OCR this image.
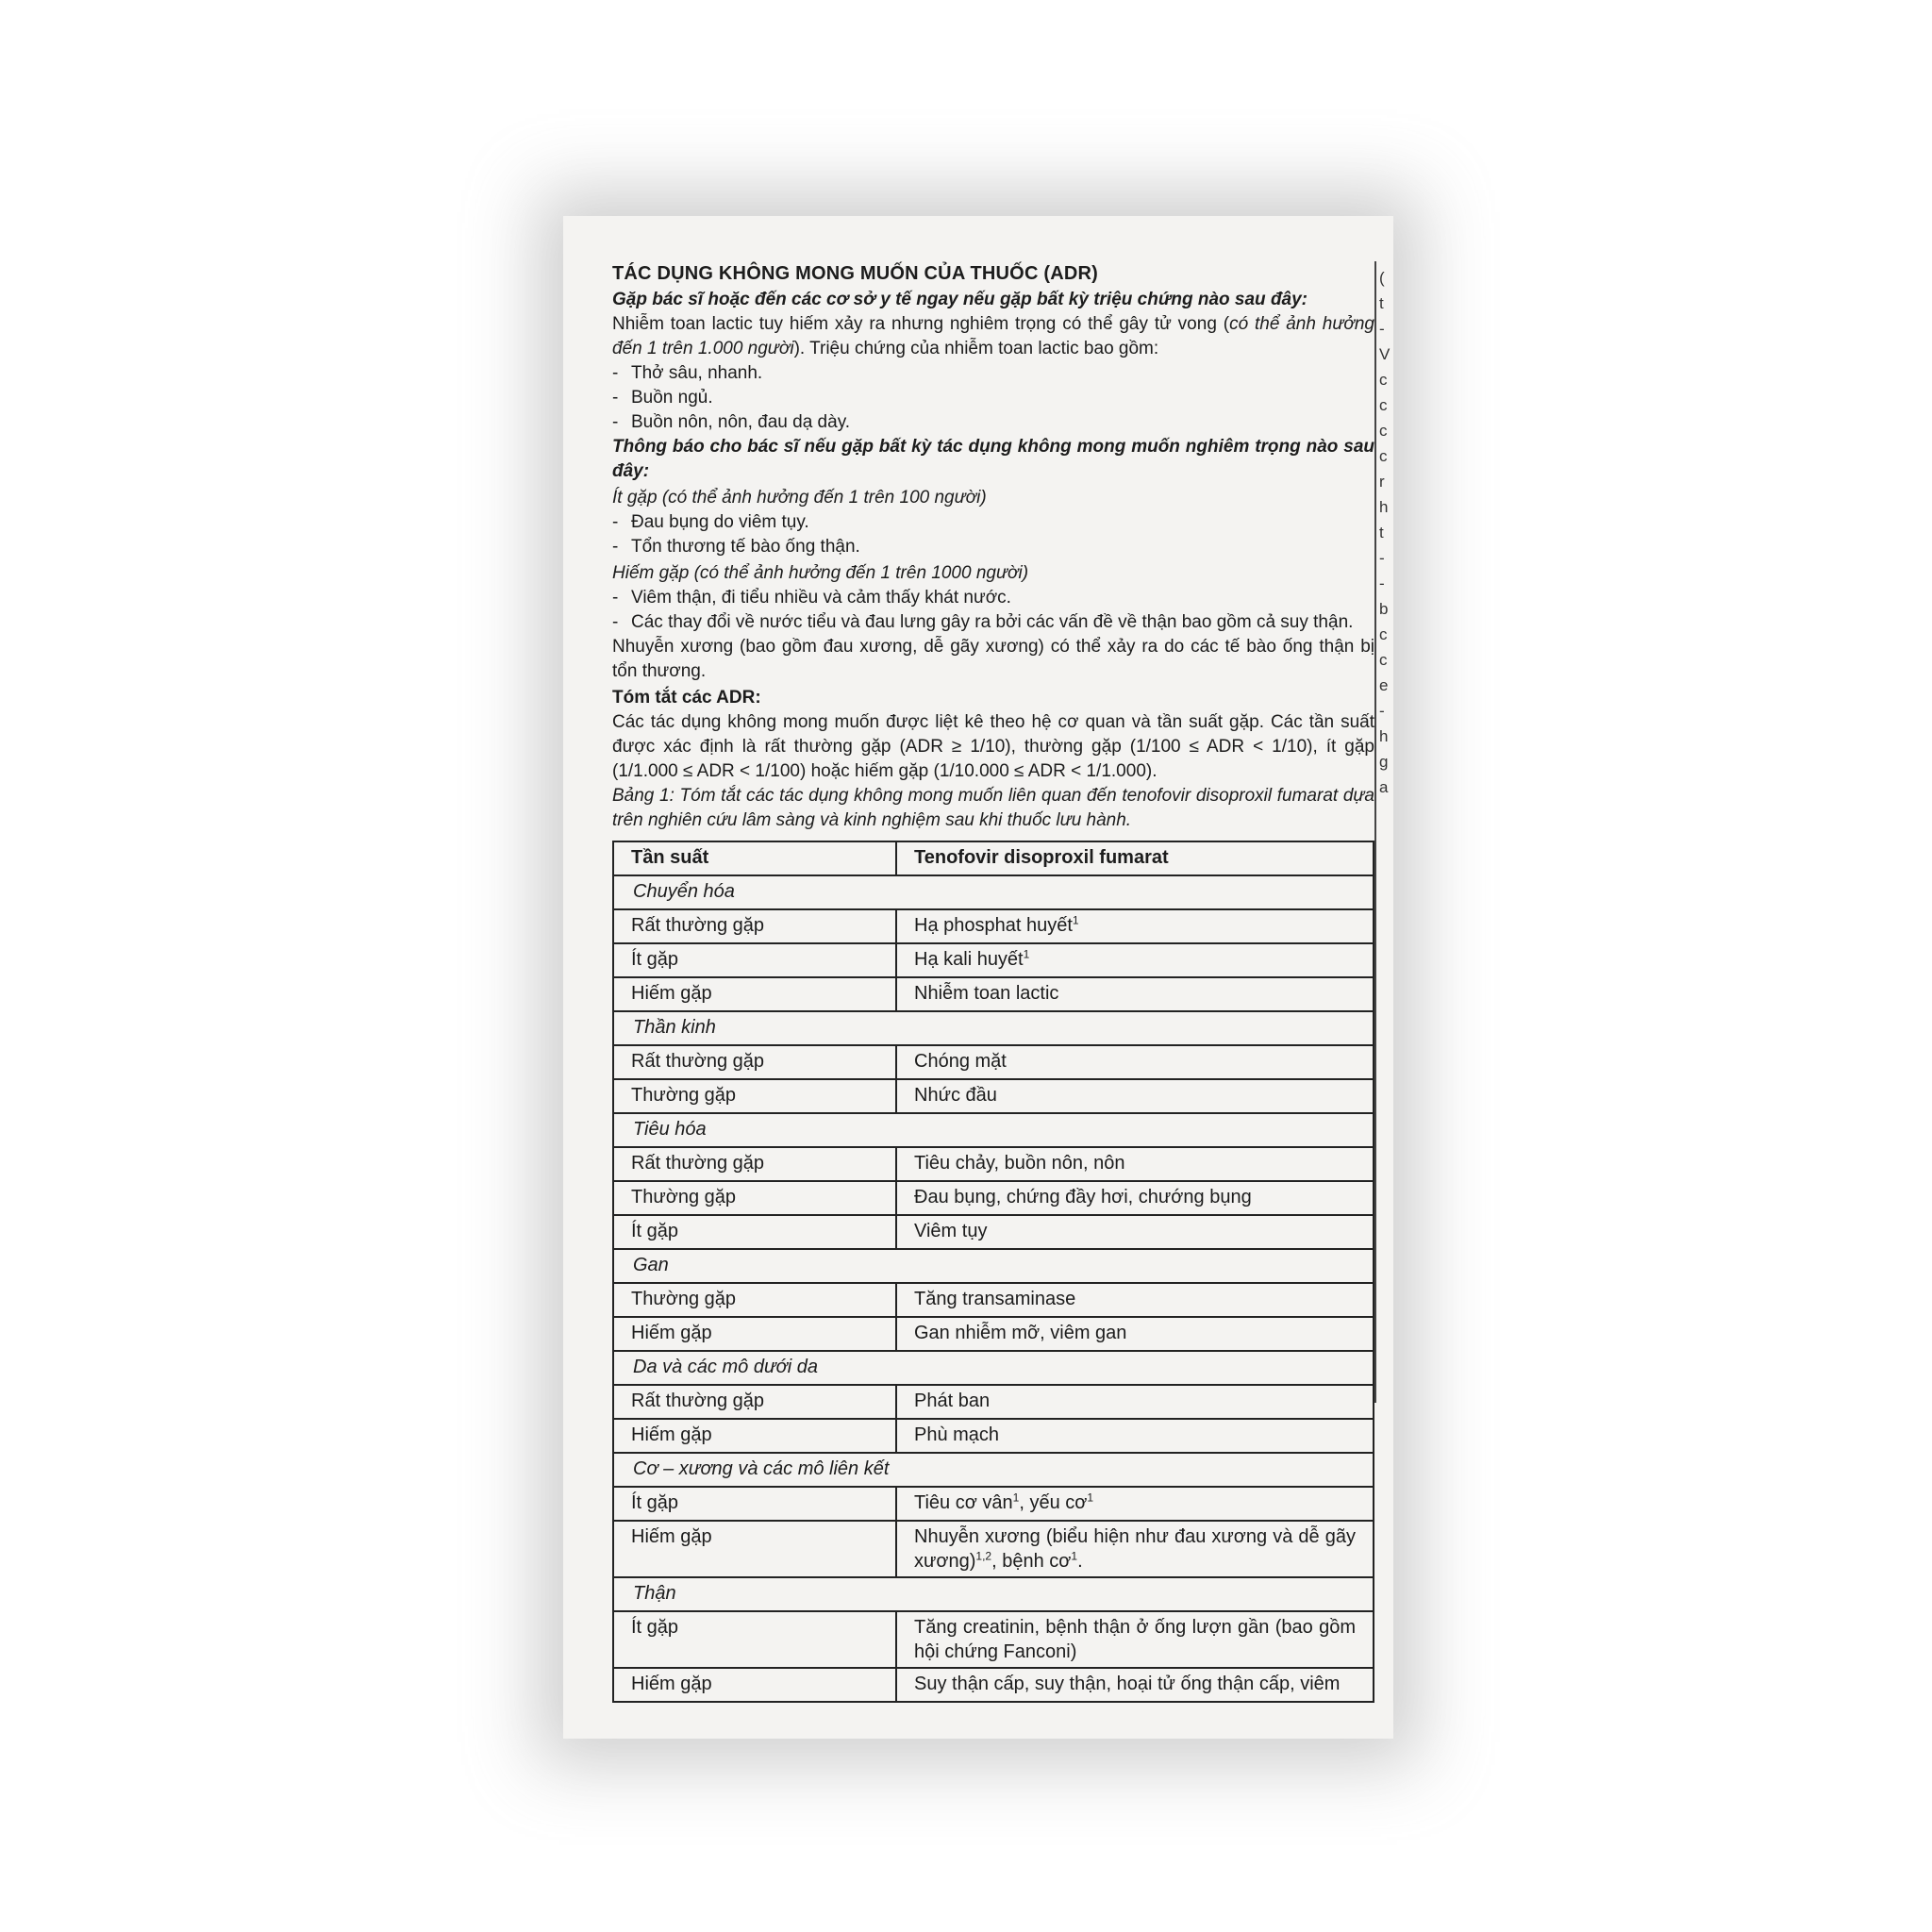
(
t
-
V
c
c
c
c
r
h
t
-
-
b
c
c
e
-
h
g
a
TÁC DỤNG KHÔNG MONG MUỐN CỦA THUỐC (ADR)

Gặp bác sĩ hoặc đến các cơ sở y tế ngay nếu gặp bất kỳ triệu chứng nào sau đây:

Nhiễm toan lactic tuy hiếm xảy ra nhưng nghiêm trọng có thể gây tử vong (có thể ảnh hưởng đến 1 trên 1.000 người). Triệu chứng của nhiễm toan lactic bao gồm:

- Thở sâu, nhanh.

- Buồn ngủ.

- Buồn nôn, nôn, đau dạ dày.

Thông báo cho bác sĩ nếu gặp bất kỳ tác dụng không mong muốn nghiêm trọng nào sau đây:

Ít gặp (có thể ảnh hưởng đến 1 trên 100 người)

- Đau bụng do viêm tụy.

- Tổn thương tế bào ống thận.

Hiếm gặp (có thể ảnh hưởng đến 1 trên 1000 người)

- Viêm thận, đi tiểu nhiều và cảm thấy khát nước.

- Các thay đổi về nước tiểu và đau lưng gây ra bởi các vấn đề về thận bao gồm cả suy thận.

Nhuyễn xương (bao gồm đau xương, dễ gãy xương) có thể xảy ra do các tế bào ống thận bị tổn thương.

Tóm tắt các ADR:

Các tác dụng không mong muốn được liệt kê theo hệ cơ quan và tần suất gặp. Các tần suất được xác định là rất thường gặp (ADR ≥ 1/10), thường gặp (1/100 ≤ ADR < 1/10), ít gặp (1/1.000 ≤ ADR < 1/100) hoặc hiếm gặp (1/10.000 ≤ ADR < 1/1.000).

Bảng 1: Tóm tắt các tác dụng không mong muốn liên quan đến tenofovir disoproxil fumarat dựa trên nghiên cứu lâm sàng và kinh nghiệm sau khi thuốc lưu hành.

Tần suất	Tenofovir disoproxil fumarat
Chuyển hóa	
Rất thường gặp	Hạ phosphat huyết$^1$
Ít gặp	Hạ kali huyết$^1$
Hiếm gặp	Nhiễm toan lactic
Thần kinh	
Rất thường gặp	Chóng mặt
Thường gặp	Nhức đầu
Tiêu hóa	
Rất thường gặp	Tiêu chảy, buồn nôn, nôn
Thường gặp	Đau bụng, chứng đầy hơi, chướng bụng
Ít gặp	Viêm tụy
Gan	
Thường gặp	Tăng transaminase
Hiếm gặp	Gan nhiễm mỡ, viêm gan
Da và các mô dưới da	
Rất thường gặp	Phát ban
Hiếm gặp	Phù mạch
Cơ – xương và các mô liên kết	
Ít gặp	Tiêu cơ vân$^1$, yếu $cơ^1$
Hiếm gặp	Nhuyễn xương (biểu hiện như đau xương và dễ gãy xương)$^{1,2}$, bệnh $cơ^1$.
Thận	
Ít gặp	Tăng creatinin, bệnh thận ở ống lượn gần (bao gồm hội chứng Fanconi)
Hiếm gặp	Suy thận cấp, suy thận, hoại tử ống thận cấp, viêm
